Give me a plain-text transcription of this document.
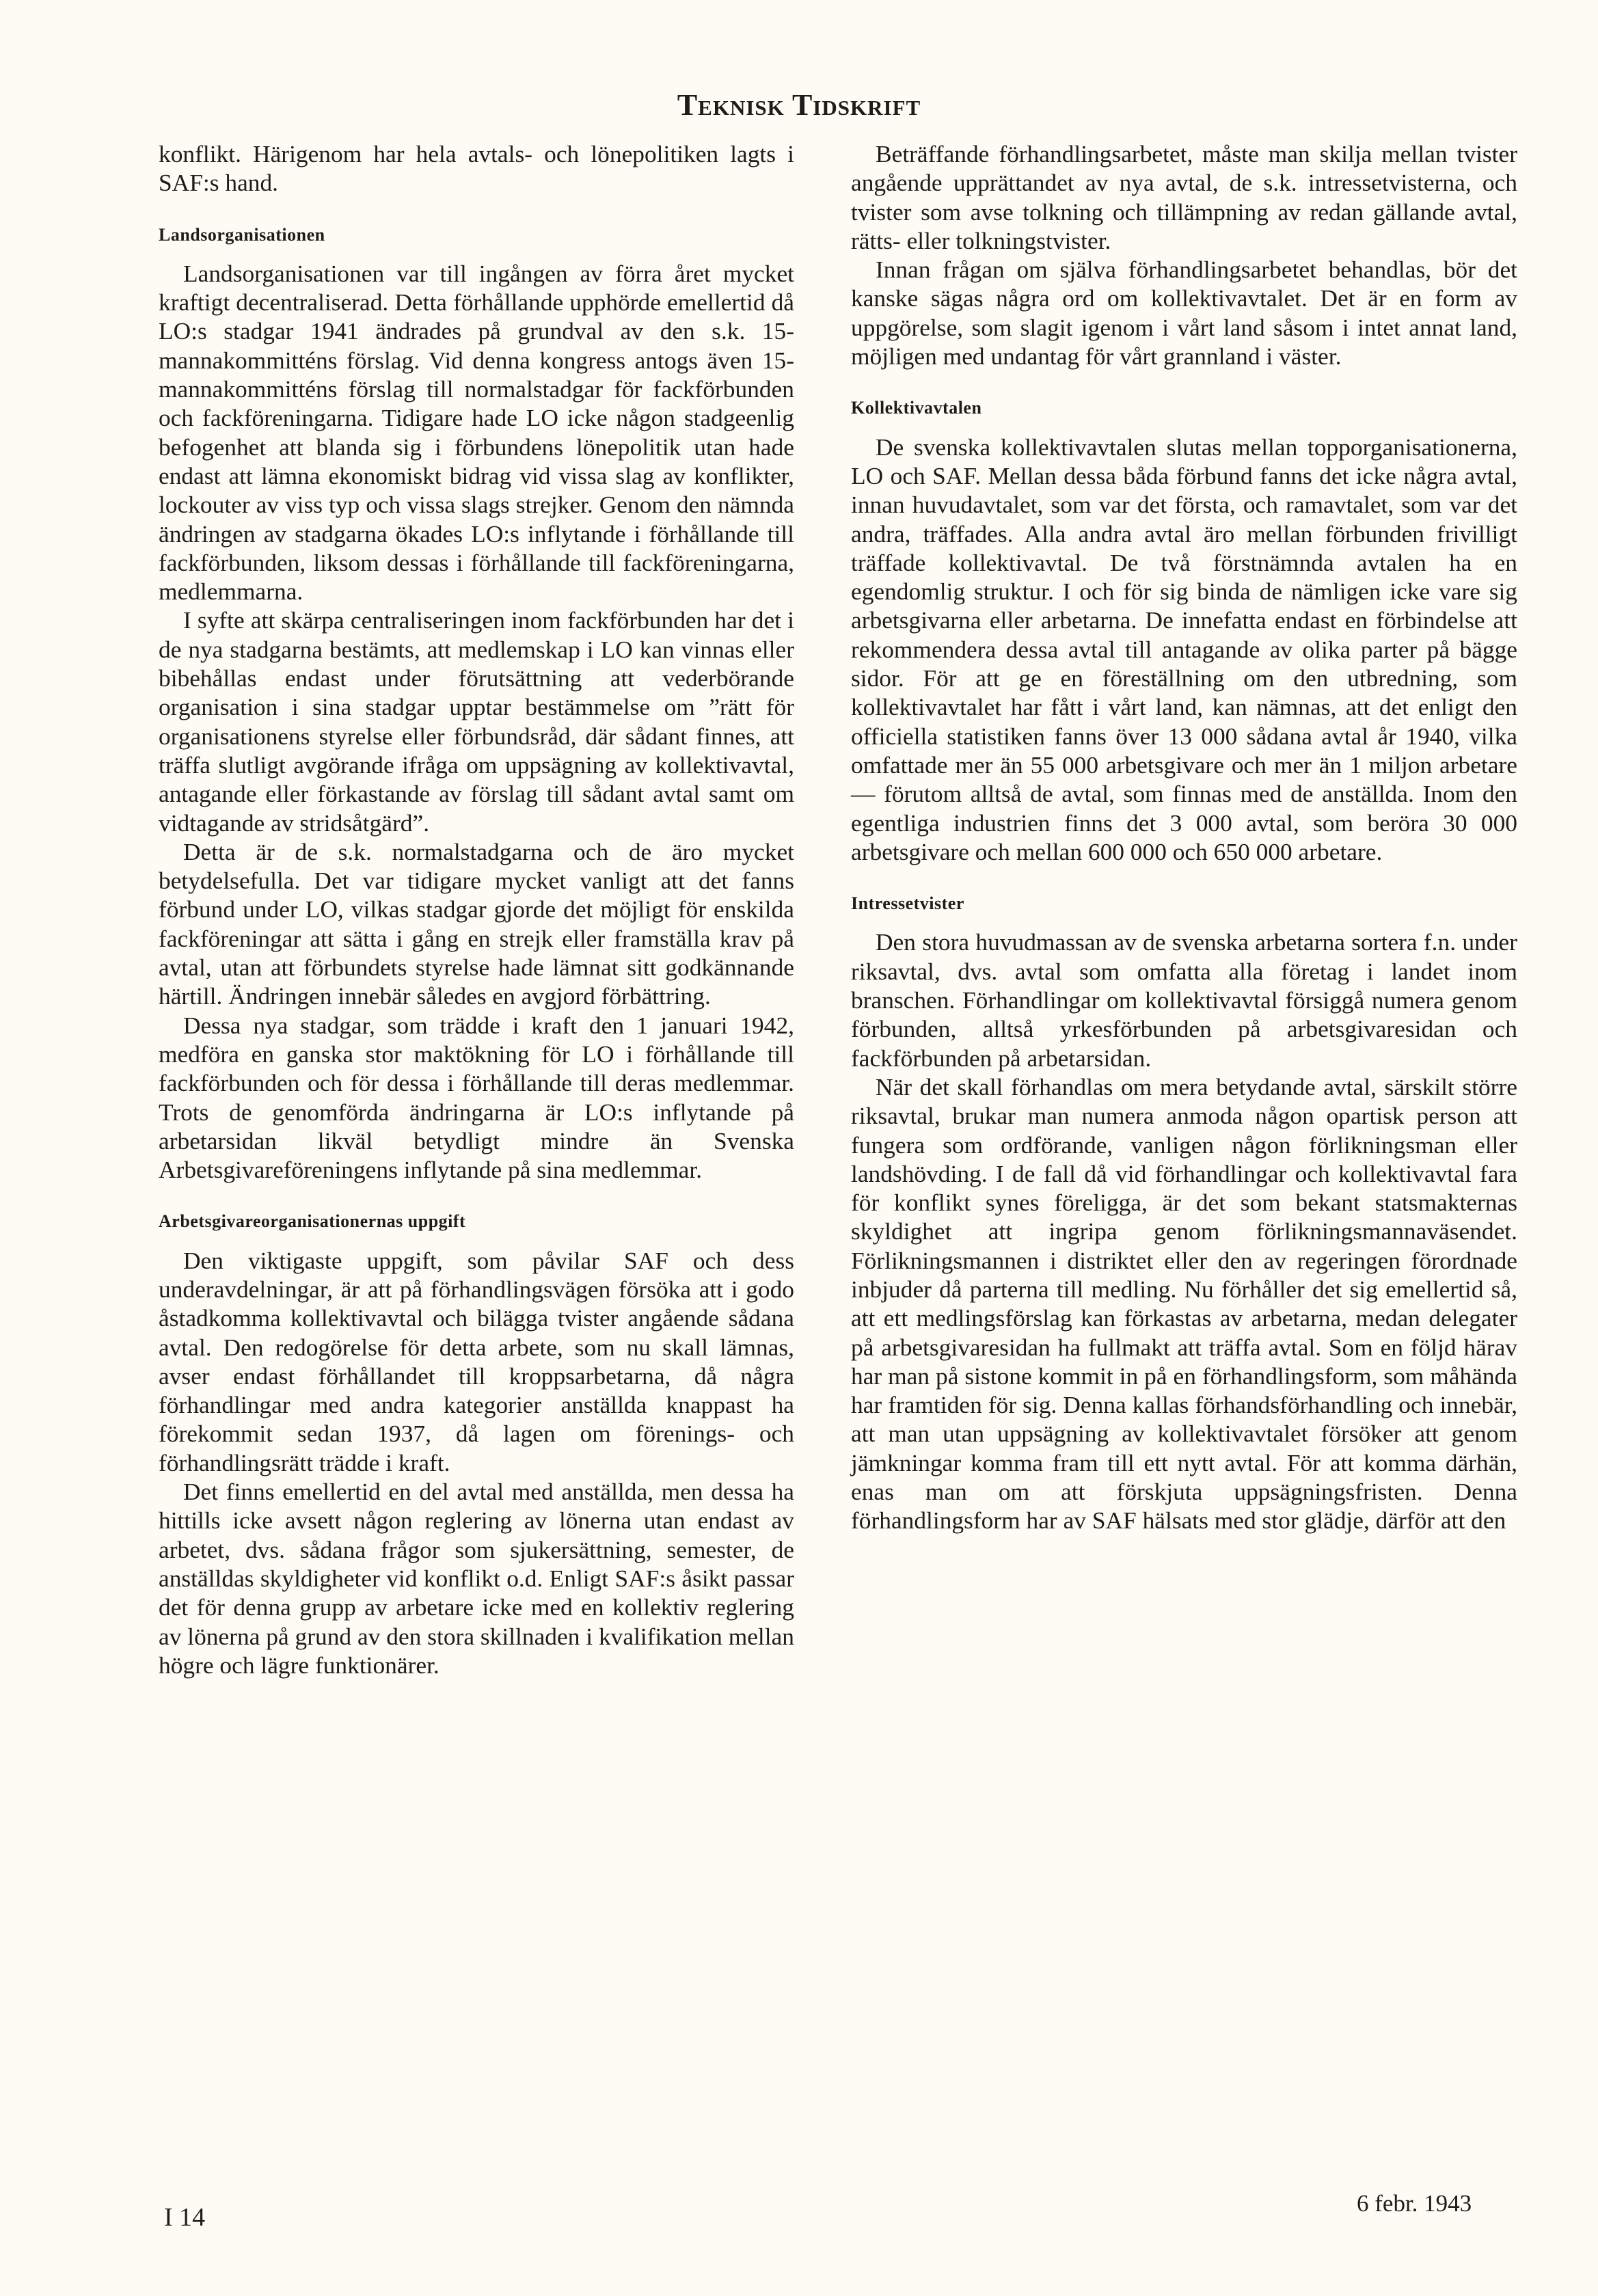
Teknisk Tidskrift

konflikt. Härigenom har hela avtals- och lönepolitiken lagts i SAF:s hand.

Landsorganisationen

Landsorganisationen var till ingången av förra året mycket kraftigt decentraliserad. Detta förhållande upphörde emellertid då LO:s stadgar 1941 ändrades på grundval av den s.k. 15-mannakommitténs förslag. Vid denna kongress antogs även 15-mannakommitténs förslag till normalstadgar för fackförbunden och fackföreningarna. Tidigare hade LO icke någon stadgeenlig befogenhet att blanda sig i förbundens lönepolitik utan hade endast att lämna ekonomiskt bidrag vid vissa slag av konflikter, lockouter av viss typ och vissa slags strejker. Genom den nämnda ändringen av stadgarna ökades LO:s inflytande i förhållande till fackförbunden, liksom dessas i förhållande till fackföreningarna, medlemmarna.

I syfte att skärpa centraliseringen inom fackförbunden har det i de nya stadgarna bestämts, att medlemskap i LO kan vinnas eller bibehållas endast under förutsättning att vederbörande organisation i sina stadgar upptar bestämmelse om ”rätt för organisationens styrelse eller förbundsråd, där sådant finnes, att träffa slutligt avgörande ifråga om uppsägning av kollektivavtal, antagande eller förkastande av förslag till sådant avtal samt om vidtagande av stridsåtgärd”.

Detta är de s.k. normalstadgarna och de äro mycket betydelsefulla. Det var tidigare mycket vanligt att det fanns förbund under LO, vilkas stadgar gjorde det möjligt för enskilda fackföreningar att sätta i gång en strejk eller framställa krav på avtal, utan att förbundets styrelse hade lämnat sitt godkännande härtill. Ändringen innebär således en avgjord förbättring.

Dessa nya stadgar, som trädde i kraft den 1 januari 1942, medföra en ganska stor maktökning för LO i förhållande till fackförbunden och för dessa i förhållande till deras medlemmar. Trots de genomförda ändringarna är LO:s inflytande på arbetarsidan likväl betydligt mindre än Svenska Arbetsgivareföreningens inflytande på sina medlemmar.

Arbetsgivareorganisationernas uppgift

Den viktigaste uppgift, som påvilar SAF och dess underavdelningar, är att på förhandlingsvägen försöka att i godo åstadkomma kollektivavtal och bilägga tvister angående sådana avtal. Den redogörelse för detta arbete, som nu skall lämnas, avser endast förhållandet till kroppsarbetarna, då några förhandlingar med andra kategorier anställda knappast ha förekommit sedan 1937, då lagen om förenings- och förhandlingsrätt trädde i kraft.

Det finns emellertid en del avtal med anställda, men dessa ha hittills icke avsett någon reglering av lönerna utan endast av arbetet, dvs. sådana frågor som sjukersättning, semester, de anställdas skyldigheter vid konflikt o.d. Enligt SAF:s åsikt passar det för denna grupp av arbetare icke med en kollektiv reglering av lönerna på grund av den stora skillnaden i kvalifikation mellan högre och lägre funktionärer.

Beträffande förhandlingsarbetet, måste man skilja mellan tvister angående upprättandet av nya avtal, de s.k. intressetvisterna, och tvister som avse tolkning och tillämpning av redan gällande avtal, rätts- eller tolkningstvister.

Innan frågan om själva förhandlingsarbetet behandlas, bör det kanske sägas några ord om kollektivavtalet. Det är en form av uppgörelse, som slagit igenom i vårt land såsom i intet annat land, möjligen med undantag för vårt grannland i väster.

Kollektivavtalen

De svenska kollektivavtalen slutas mellan topporganisationerna, LO och SAF. Mellan dessa båda förbund fanns det icke några avtal, innan huvudavtalet, som var det första, och ramavtalet, som var det andra, träffades. Alla andra avtal äro mellan förbunden frivilligt träffade kollektivavtal. De två förstnämnda avtalen ha en egendomlig struktur. I och för sig binda de nämligen icke vare sig arbetsgivarna eller arbetarna. De innefatta endast en förbindelse att rekommendera dessa avtal till antagande av olika parter på bägge sidor. För att ge en föreställning om den utbredning, som kollektivavtalet har fått i vårt land, kan nämnas, att det enligt den officiella statistiken fanns över 13 000 sådana avtal år 1940, vilka omfattade mer än 55 000 arbetsgivare och mer än 1 miljon arbetare — förutom alltså de avtal, som finnas med de anställda. Inom den egentliga industrien finns det 3 000 avtal, som beröra 30 000 arbetsgivare och mellan 600 000 och 650 000 arbetare.

Intressetvister

Den stora huvudmassan av de svenska arbetarna sortera f.n. under riksavtal, dvs. avtal som omfatta alla företag i landet inom branschen. Förhandlingar om kollektivavtal försiggå numera genom förbunden, alltså yrkesförbunden på arbetsgivaresidan och fackförbunden på arbetarsidan.

När det skall förhandlas om mera betydande avtal, särskilt större riksavtal, brukar man numera anmoda någon opartisk person att fungera som ordförande, vanligen någon förlikningsman eller landshövding. I de fall då vid förhandlingar och kollektivavtal fara för konflikt synes föreligga, är det som bekant statsmakternas skyldighet att ingripa genom förlikningsmannaväsendet. Förlikningsmannen i distriktet eller den av regeringen förordnade inbjuder då parterna till medling. Nu förhåller det sig emellertid så, att ett medlingsförslag kan förkastas av arbetarna, medan delegater på arbetsgivaresidan ha fullmakt att träffa avtal. Som en följd härav har man på sistone kommit in på en förhandlingsform, som måhända har framtiden för sig. Denna kallas förhandsförhandling och innebär, att man utan uppsägning av kollektivavtalet försöker att genom jämkningar komma fram till ett nytt avtal. För att komma därhän, enas man om att förskjuta uppsägningsfristen. Denna förhandlingsform har av SAF hälsats med stor glädje, därför att den

I 14	6 febr. 1943
